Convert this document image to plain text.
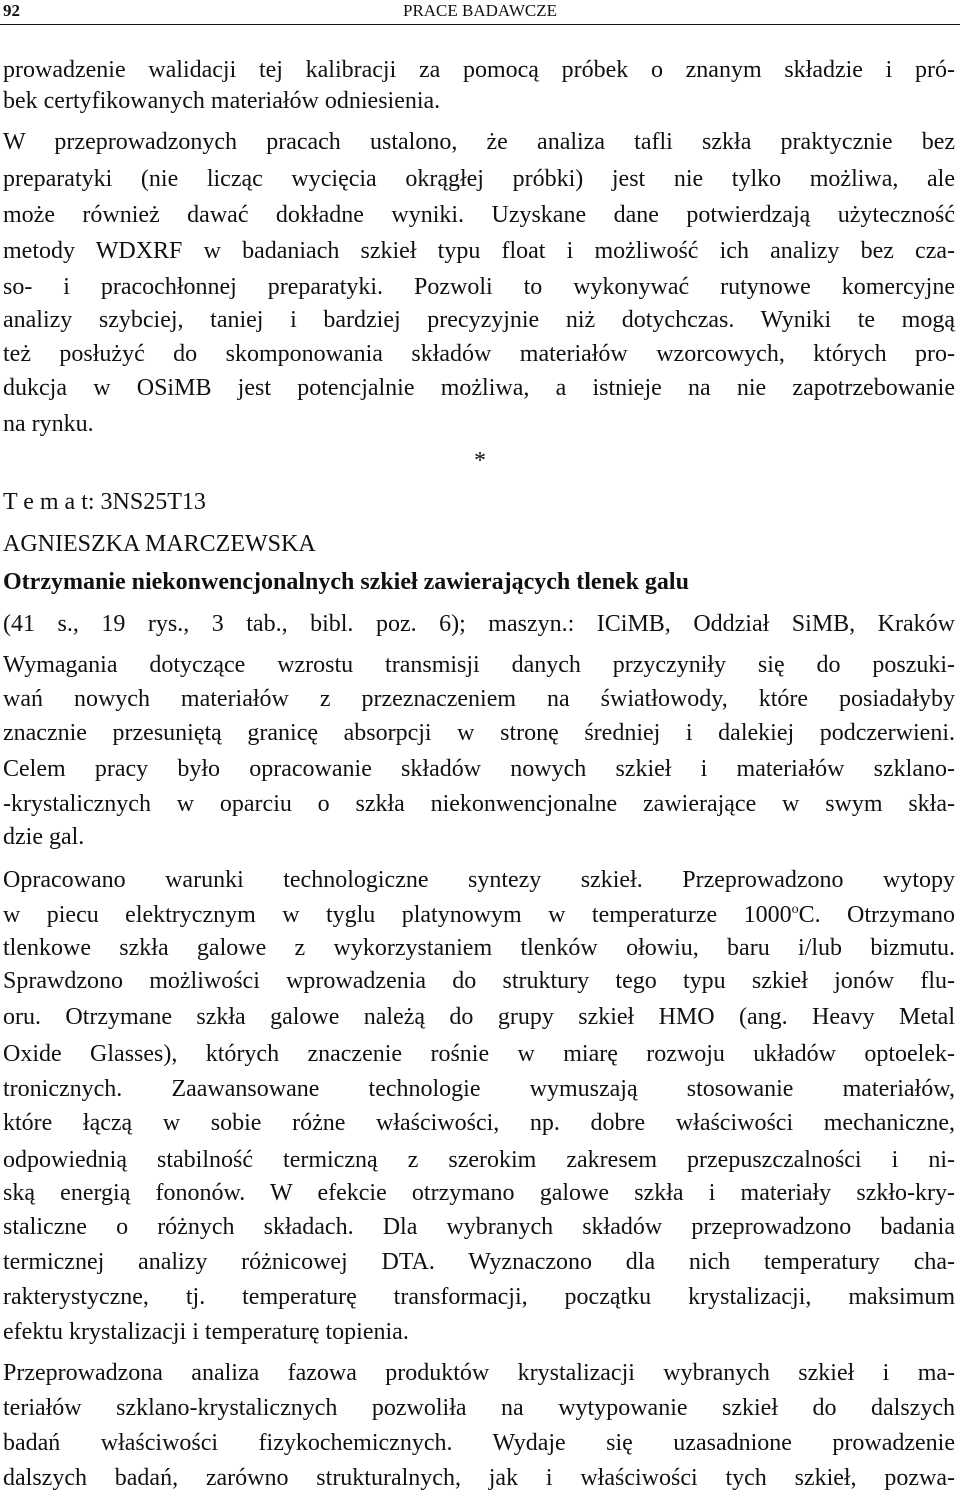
92	PRACE BADAWCZE
prowadzenie walidacji tej kalibracji za pomocą próbek o znanym składzie i pró-
bek certyfikowanych materiałów odniesienia.
W przeprowadzonych pracach ustalono, że analiza tafli szkła praktycznie bez
preparatyki (nie licząc wycięcia okrągłej próbki) jest nie tylko możliwa, ale
może również dawać dokładne wyniki. Uzyskane dane potwierdzają użyteczność
metody WDXRF w badaniach szkieł typu float i możliwość ich analizy bez cza-
so- i pracochłonnej preparatyki. Pozwoli to wykonywać rutynowe komercyjne
analizy szybciej, taniej i bardziej precyzyjnie niż dotychczas. Wyniki te mogą
też posłużyć do skomponowania składów materiałów wzorcowych, których pro-
dukcja w OSiMB jest potencjalnie możliwa, a istnieje na nie zapotrzebowanie
na rynku.
*
T e m a t: 3NS25T13
AGNIESZKA MARCZEWSKA
Otrzymanie niekonwencjonalnych szkieł zawierających tlenek galu
(41 s., 19 rys., 3 tab., bibl. poz. 6); maszyn.: ICiMB, Oddział SiMB, Kraków
Wymagania dotyczące wzrostu transmisji danych przyczyniły się do poszuki-
wań nowych materiałów z przeznaczeniem na światłowody, które posiadałyby
znacznie przesuniętą granicę absorpcji w stronę średniej i dalekiej podczerwieni.
Celem pracy było opracowanie składów nowych szkieł i materiałów szklano-
-krystalicznych w oparciu o szkła niekonwencjonalne zawierające w swym skła-
dzie gal.
Opracowano warunki technologiczne syntezy szkieł. Przeprowadzono wytopy
w piecu elektrycznym w tyglu platynowym w temperaturze 1000$^o$C. Otrzymano
tlenkowe szkła galowe z wykorzystaniem tlenków ołowiu, baru i/lub bizmutu.
Sprawdzono możliwości wprowadzenia do struktury tego typu szkieł jonów flu-
oru. Otrzymane szkła galowe należą do grupy szkieł HMO (ang. Heavy Metal
Oxide Glasses), których znaczenie rośnie w miarę rozwoju układów optoelek-
tronicznych. Zaawansowane technologie wymuszają stosowanie materiałów,
które łączą w sobie różne właściwości, np. dobre właściwości mechaniczne,
odpowiednią stabilność termiczną z szerokim zakresem przepuszczalności i ni-
ską energią fononów. W efekcie otrzymano galowe szkła i materiały szkło-kry-
staliczne o różnych składach. Dla wybranych składów przeprowadzono badania
termicznej analizy różnicowej DTA. Wyznaczono dla nich temperatury cha-
rakterystyczne, tj. temperaturę transformacji, początku krystalizacji, maksimum
efektu krystalizacji i temperaturę topienia.
Przeprowadzona analiza fazowa produktów krystalizacji wybranych szkieł i ma-
teriałów szklano-krystalicznych pozwoliła na wytypowanie szkieł do dalszych
badań właściwości fizykochemicznych. Wydaje się uzasadnione prowadzenie
dalszych badań, zarówno strukturalnych, jak i właściwości tych szkieł, pozwa-
